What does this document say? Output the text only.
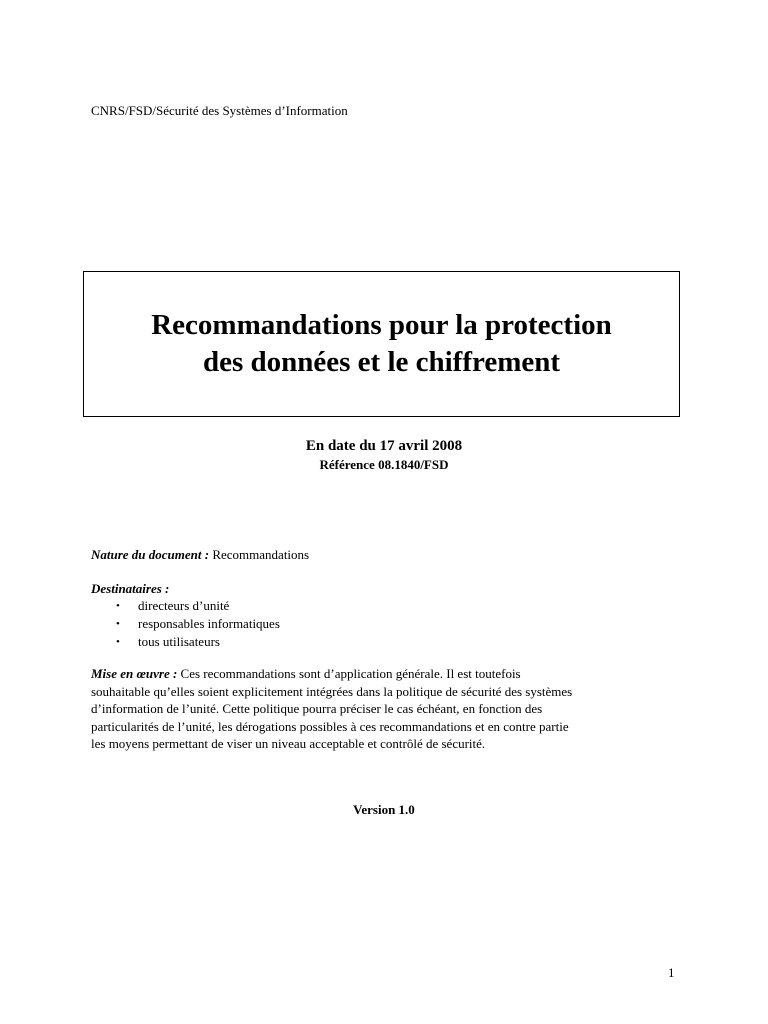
CNRS/FSD/Sécurité des Systèmes d’Information
Recommandations pour la protection
des données et le chiffrement
En date du 17 avril 2008
Référence 08.1840/FSD
Nature du document : Recommandations
Destinataires :
• directeurs d’unité
• responsables informatiques
• tous utilisateurs

Mise en œuvre : Ces recommandations sont d’application générale. Il est toutefois

souhaitable qu’elles soient explicitement intégrées dans la politique de sécurité des systèmes

d’information de l’unité. Cette politique pourra préciser le cas échéant, en fonction des

particularités de l’unité, les dérogations possibles à ces recommandations et en contre partie

les moyens permettant de viser un niveau acceptable et contrôlé de sécurité.

Version 1.0
1
